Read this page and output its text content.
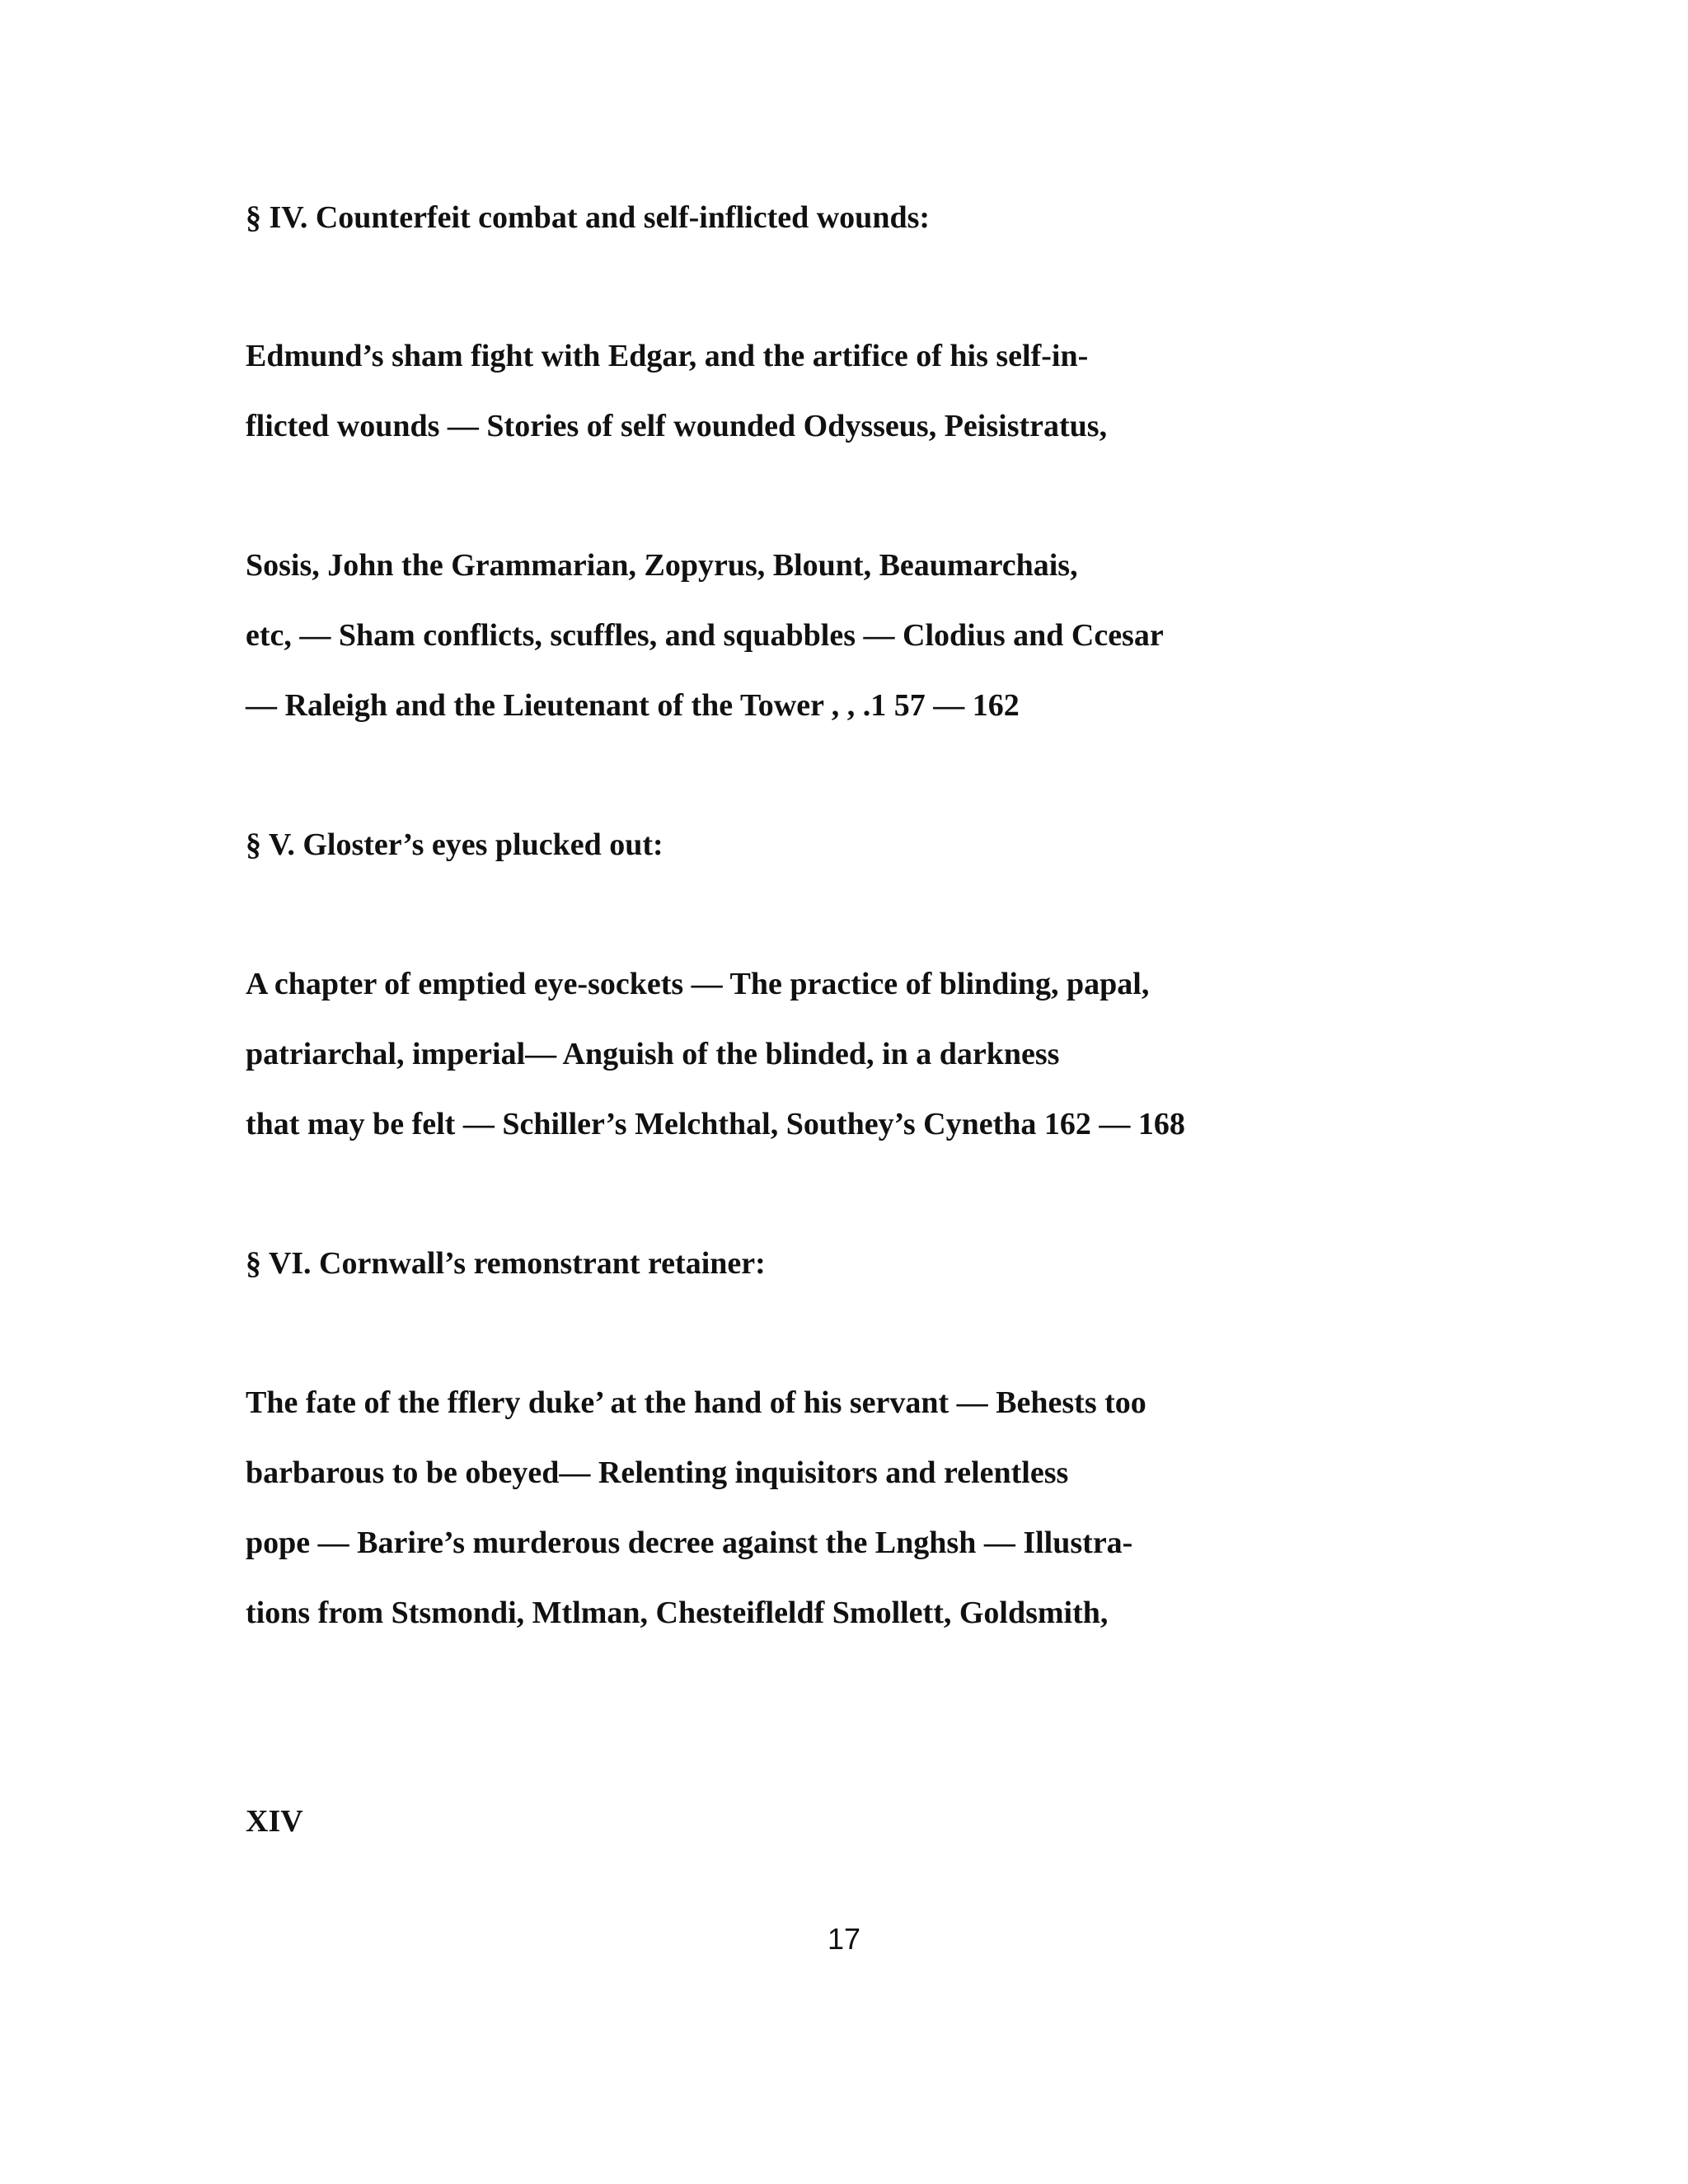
§ IV. Counterfeit combat and self-inflicted wounds:
Edmund’s sham fight with Edgar, and the artifice of his self-in-
flicted wounds — Stories of self wounded Odysseus, Peisistratus,
Sosis, John the Grammarian, Zopyrus, Blount, Beaumarchais,
etc, — Sham conflicts, scuffles, and squabbles — Clodius and Ccesar
— Raleigh and the Lieutenant of the Tower , , .1 57 — 162
§ V. Gloster’s eyes plucked out:
A chapter of emptied eye-sockets — The practice of blinding, papal,
patriarchal, imperial— Anguish of the blinded, in a darkness
that may be felt — Schiller’s Melchthal, Southey’s Cynetha 162 — 168
§ VI. Cornwall’s remonstrant retainer:
The fate of the fflery duke’ at the hand of his servant — Behests too
barbarous to be obeyed— Relenting inquisitors and relentless
pope — Barire’s murderous decree against the Lnghsh — Illustra-
tions from Stsmondi, Mtlman, Chesteifleldf Smollett, Goldsmith,
XIV
17
